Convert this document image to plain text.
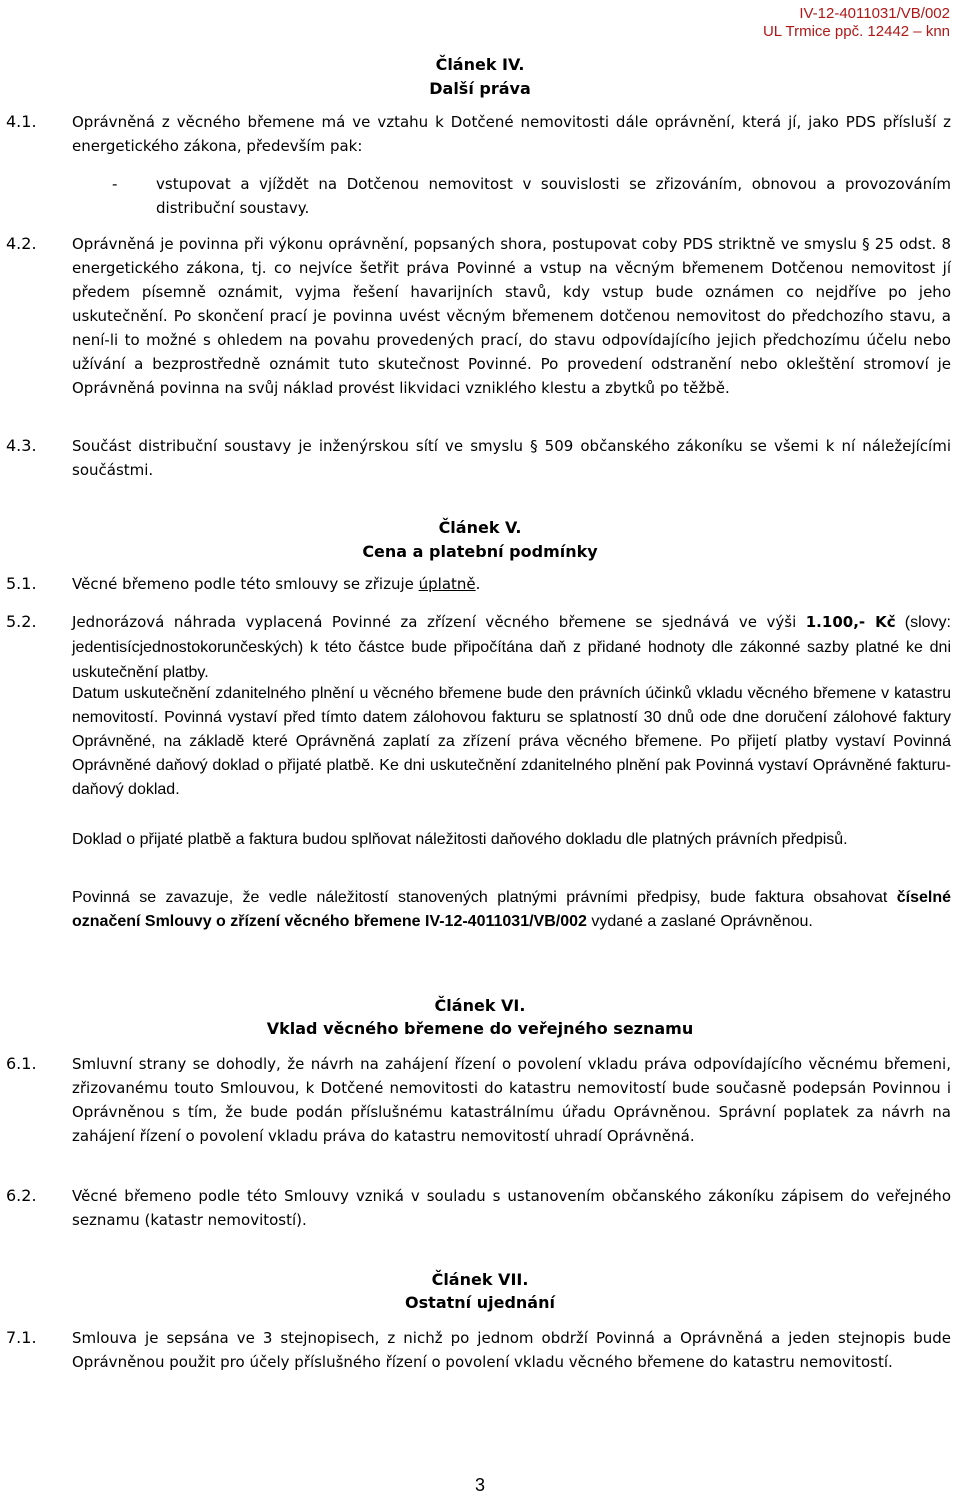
IV-12-4011031/VB/002
UL Trmice ppč. 12442 – knn
Článek IV.
Další práva
4.1. Oprávněná z věcného břemene má ve vztahu k Dotčené nemovitosti dále oprávnění, která jí, jako PDS přísluší z energetického zákona, především pak:
-	vstupovat a vjíždět na Dotčenou nemovitost v souvislosti se zřizováním, obnovou a provozováním distribuční soustavy.
4.2. Oprávněná je povinna při výkonu oprávnění, popsaných shora, postupovat coby PDS striktně ve smyslu § 25 odst. 8 energetického zákona, tj. co nejvíce šetřit práva Povinné a vstup na věcným břemenem Dotčenou nemovitost jí předem písemně oznámit, vyjma řešení havarijních stavů, kdy vstup bude oznámen co nejdříve po jeho uskutečnění. Po skončení prací je povinna uvést věcným břemenem dotčenou nemovitost do předchozího stavu, a není-li to možné s ohledem na povahu provedených prací, do stavu odpovídajícího jejich předchozímu účelu nebo užívání a bezprostředně oznámit tuto skutečnost Povinné. Po provedení odstranění nebo okleštění stromoví je Oprávněná povinna na svůj náklad provést likvidaci vzniklého klestu a zbytků po těžbě.
4.3. Součást distribuční soustavy je inženýrskou sítí ve smyslu § 509 občanského zákoníku se všemi k ní náležejícími součástmi.
Článek V.
Cena a platební podmínky
5.1. Věcné břemeno podle této smlouvy se zřizuje úplatně.
5.2. Jednorázová náhrada vyplacená Povinné za zřízení věcného břemene se sjednává ve výši 1.100,- Kč (slovy: jedentisícjednostokorunčeských) k této částce bude připočítána daň z přidané hodnoty dle zákonné sazby platné ke dni uskutečnění platby.
Datum uskutečnění zdanitelného plnění u věcného břemene bude den právních účinků vkladu věcného břemene v katastru nemovitostí. Povinná vystaví před tímto datem zálohovou fakturu se splatností 30 dnů ode dne doručení zálohové faktury Oprávněné, na základě které Oprávněná zaplatí za zřízení práva věcného břemene. Po přijetí platby vystaví Povinná Oprávněné daňový doklad o přijaté platbě. Ke dni uskutečnění zdanitelného plnění pak Povinná vystaví Oprávněné fakturu-daňový doklad.
Doklad o přijaté platbě a faktura budou splňovat náležitosti daňového dokladu dle platných právních předpisů.
Povinná se zavazuje, že vedle náležitostí stanovených platnými právními předpisy, bude faktura obsahovat číselné označení Smlouvy o zřízení věcného břemene IV-12-4011031/VB/002 vydané a zaslané Oprávněnou.
Článek VI.
Vklad věcného břemene do veřejného seznamu
6.1. Smluvní strany se dohodly, že návrh na zahájení řízení o povolení vkladu práva odpovídajícího věcnému břemeni, zřizovanému touto Smlouvou, k Dotčené nemovitosti do katastru nemovitostí bude současně podepsán Povinnou i Oprávněnou s tím, že bude podán příslušnému katastrálnímu úřadu Oprávněnou. Správní poplatek za návrh na zahájení řízení o povolení vkladu práva do katastru nemovitostí uhradí Oprávněná.
6.2. Věcné břemeno podle této Smlouvy vzniká v souladu s ustanovením občanského zákoníku zápisem do veřejného seznamu (katastr nemovitostí).
Článek VII.
Ostatní ujednání
7.1. Smlouva je sepsána ve 3 stejnopisech, z nichž po jednom obdrží Povinná a Oprávněná a jeden stejnopis bude Oprávněnou použit pro účely příslušného řízení o povolení vkladu věcného břemene do katastru nemovitostí.
3
